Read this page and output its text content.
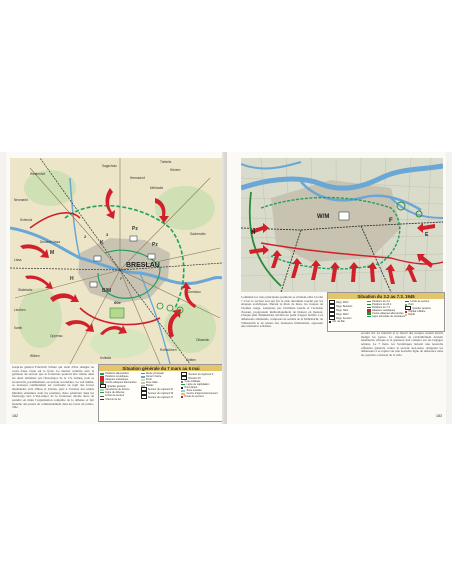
BRESLAU
Sagschutz
Weidenhof
Hünern
Schmolz
Sacherwitz
Rothsürben
Domslau
Opperau
Mellowitz
Hermsdorf
Trebnitz
Lissa
Deutsch Lissa
Stabelwitz
Wilxen	Kottwitz
Leuthen
Kanth
Neumarkt
Oltaschin
Zobten
M
K
Pz
B/M
Pz
2	3
60e
F
H
Jusqu'au général Friedrich Schulz qui vient d'être désigné au cours d'une visite sur le front. Ce dernier contrôle avec la garnison du secteur que la forteresse pourrait être traitée dans les deux semaines par l'état-major de la 17e Armée, puis se reconvertir, parallèlement, en secteur secondaire. Le soir même, ce nouveau commandant est confronté au repli des forces allemandes vers Ohlau et Zobten, puis à l'arrivée des unités blindées ennemies dont les premiers chars pénètrent dans les faubourgs sud. L'état-major de la forteresse décide alors de prendre en main l'organisation complète de la défense et fait installer des postes de commandement dans les caves du centre-ville.
Situation générale du 7 mars au 6 mai
Positions allemandes
Positions soviétiques
Attaques soviétiques
Contre-attaques allemandes
Quartier général
Aérodrome de fortune
Ligne de défense
Limite de secteur
Chemin de fer
Route principale
Canal / rivière
Forêt
Zone bâtie
Marais
Secteur du régiment B
Secteur du régiment M
Secteur du régiment H
Secteur du régiment K
Division Pz
Cote d'altitude
Ligne de capitulation
Pont détruit
Zone inondée
Centre d'approvisionnement
Poste de secours
182
W/M
H
F
E
Comment les trois principales positions se révèlent-elles à la fin ? C'est le secteur sud qui fut le plus durement touché par les attaques soviétiques. Durant le mois de mars, les troupes de l'Armée rouge, soutenues par l'artillerie lourde et l'aviation d'assaut, progressent méthodiquement de maison en maison. Chaque pâté d'immeubles devient un point d'appui fortifié. Les défenseurs allemands, composés de soldats de la Wehrmacht, de Volkssturm et de jeunes des Jeunesses hitlériennes, opposent une résistance acharnée.
second mi. La ténacité et le moral des troupes restent élevés malgré les pertes. La situation de ravitaillement devient néanmoins critique et la garnison doit compter sur les largages aériens. Le 7 mars, les Soviétiques lancent une nouvelle offensive générale contre le secteur sud-ouest, obligeant les défenseurs à se replier sur une nouvelle ligne de résistance dans les quartiers centraux de la ville.
Situation du 3.2 au 7.3. 1945
Régt. Mohr
Régt. Besslein
Régt. Hanf
Régt. Wehl
Régt. Kersten
Abt. de flak
Positions du 3.2
Positions du 20.2
Positions du 7.3
Attaques soviétiques
Contre-attaques allemandes
Ligne principale de résistance
Limite de secteur
Pont
Quartier général
Hôpital militaire
Dépôt
183
